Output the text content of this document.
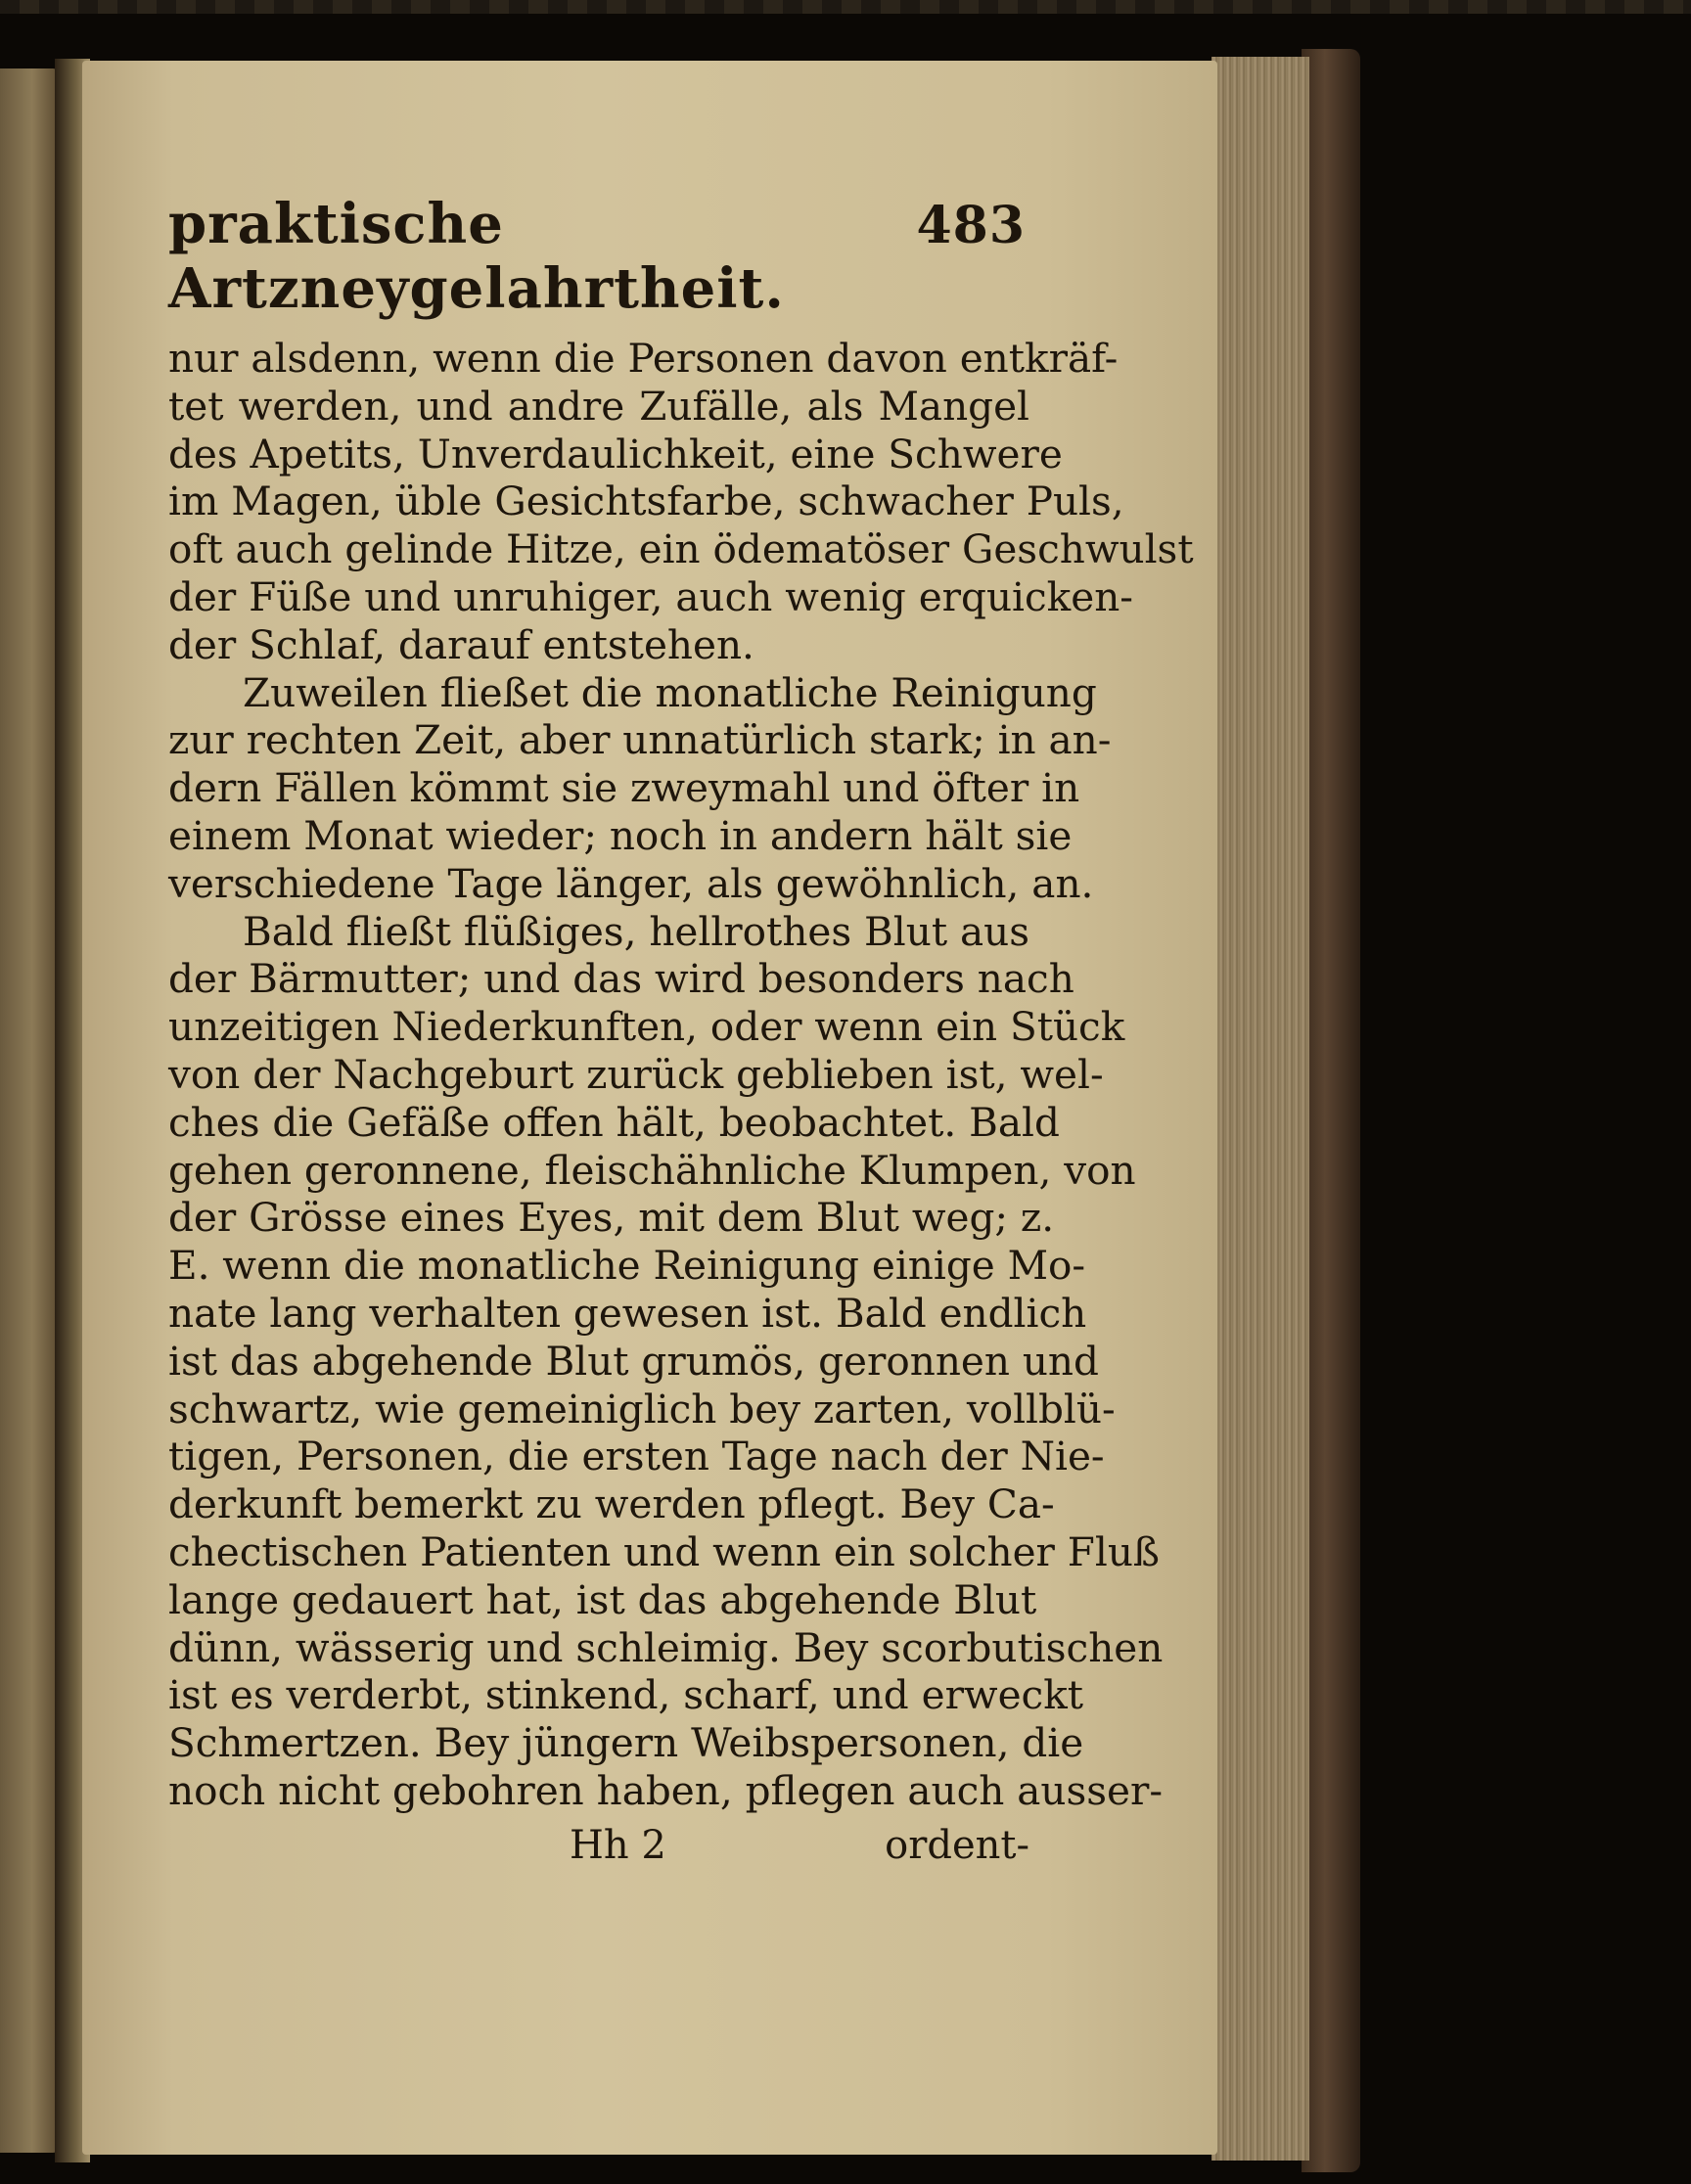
praktische Artzneygelahrtheit.
483
nur alsdenn, wenn die Personen davon entkräf-
tet werden, und andre Zufälle, als Mangel
des Apetits, Unverdaulichkeit, eine Schwere
im Magen, üble Gesichtsfarbe, schwacher Puls,
oft auch gelinde Hitze, ein ödematöser Geschwulst
der Füße und unruhiger, auch wenig erquicken-
der Schlaf, darauf entstehen.
Zuweilen fließet die monatliche Reinigung
zur rechten Zeit, aber unnatürlich stark; in an-
dern Fällen kömmt sie zweymahl und öfter in
einem Monat wieder; noch in andern hält sie
verschiedene Tage länger, als gewöhnlich, an.
Bald fließt flüßiges, hellrothes Blut aus
der Bärmutter; und das wird besonders nach
unzeitigen Niederkunften, oder wenn ein Stück
von der Nachgeburt zurück geblieben ist, wel-
ches die Gefäße offen hält, beobachtet. Bald
gehen geronnene, fleischähnliche Klumpen, von
der Grösse eines Eyes, mit dem Blut weg; z.
E. wenn die monatliche Reinigung einige Mo-
nate lang verhalten gewesen ist. Bald endlich
ist das abgehende Blut grumös, geronnen und
schwartz, wie gemeiniglich bey zarten, vollblü-
tigen, Personen, die ersten Tage nach der Nie-
derkunft bemerkt zu werden pflegt. Bey Ca-
chectischen Patienten und wenn ein solcher Fluß
lange gedauert hat, ist das abgehende Blut
dünn, wässerig und schleimig. Bey scorbutischen
ist es verderbt, stinkend, scharf, und erweckt
Schmertzen. Bey jüngern Weibspersonen, die
noch nicht gebohren haben, pflegen auch ausser-
Hh 2	ordent-
